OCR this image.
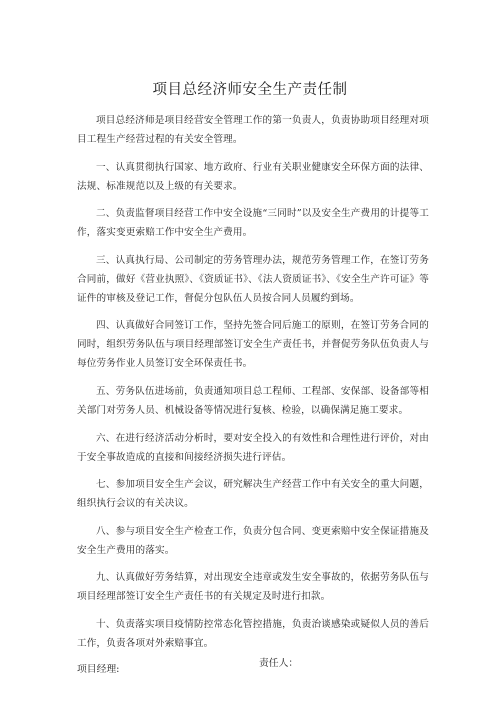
项目总经济师安全生产责任制

项目总经济师是项目经营安全管理工作的第一负责人，负责协助项目经理对项目工程生产经营过程的有关安全管理。

一、认真贯彻执行国家、地方政府、行业有关职业健康安全环保方面的法律、法规、标准规范以及上级的有关要求。

二、负责监督项目经营工作中安全设施“三同时”以及安全生产费用的计提等工作，落实变更索赔工作中安全生产费用。

三、认真执行局、公司制定的劳务管理办法，规范劳务管理工作，在签订劳务合同前，做好《营业执照》、《资质证书》、《法人资质证书》、《安全生产许可证》等证件的审核及登记工作，督促分包队伍人员按合同人员履约到场。

四、认真做好合同签订工作，坚持先签合同后施工的原则，在签订劳务合同的同时，组织劳务队伍与项目经理部签订安全生产责任书，并督促劳务队伍负责人与每位劳务作业人员签订安全环保责任书。

五、劳务队伍进场前，负责通知项目总工程师、工程部、安保部、设备部等相关部门对劳务人员、机械设备等情况进行复核、检验，以确保满足施工要求。

六、在进行经济活动分析时，要对安全投入的有效性和合理性进行评价，对由于安全事故造成的直接和间接经济损失进行评估。

七、参加项目安全生产会议，研究解决生产经营工作中有关安全的重大问题，组织执行会议的有关决议。

八、参与项目安全生产检查工作，负责分包合同、变更索赔中安全保证措施及安全生产费用的落实。

九、认真做好劳务结算，对出现安全违章或发生安全事故的，依据劳务队伍与项目经理部签订安全生产责任书的有关规定及时进行扣款。

十、负责落实项目疫情防控常态化管控措施，负责治谈感染或疑似人员的善后工作，负责各项对外索赔事宜。

项目经理:
责任人：
